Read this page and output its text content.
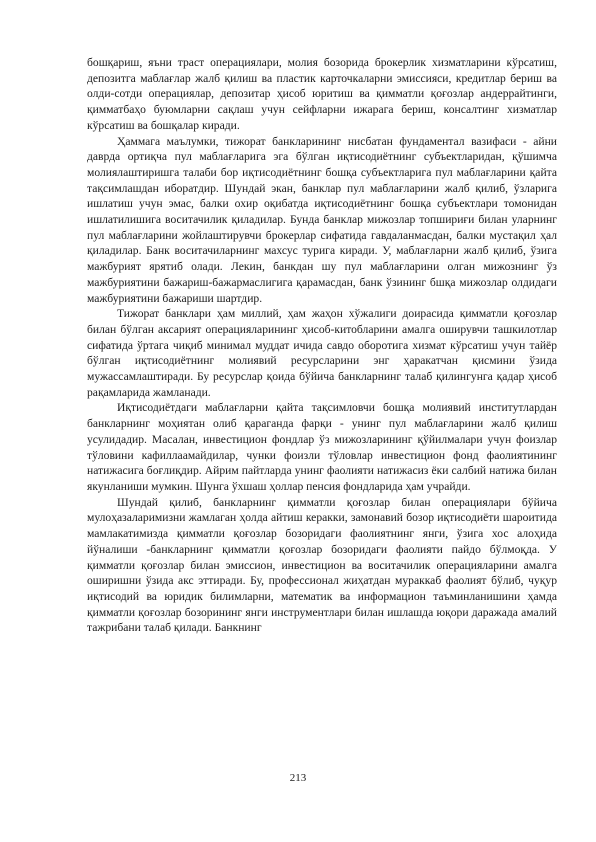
бошқариш, яъни траст операциялари, молия бозорида брокерлик хизматларини кўрсатиш, депозитга маблағлар жалб қилиш ва пластик карточкаларни эмиссияси, кредитлар бериш ва олди-сотди операциялар, депозитар ҳисоб юритиш ва қимматли қоғозлар андеррайтинги, қимматбаҳо буюмларни сақлаш учун сейфларни ижарага бериш, консалтинг хизматлар кўрсатиш ва бошқалар киради.

Ҳаммага маълумки, тижорат банкларининг нисбатан фундаментал вазифаси - айни даврда ортиқча пул маблағларига эга бўлган иқтисодиётнинг субъектларидан, қўшимча молиялаштиришга талаби бор иқтисодиётнинг бошқа субъектларига пул маблағларини қайта тақсимлашдан иборатдир. Шундай экан, банклар пул маблағларини жалб қилиб, ўзларига ишлатиш учун эмас, балки охир оқибатда иқтисодиётнинг бошқа субъектлари томонидан ишлатилишига воситачилик қиладилар. Бунда банклар мижозлар топшириғи билан уларнинг пул маблағларини жойлаштирувчи брокерлар сифатида гавдаланмасдан, балки мустақил ҳал қиладилар. Банк воситачиларнинг махсус турига киради. У, маблағларни жалб қилиб, ўзига мажбурият ярятиб олади. Лекин, банкдан шу пул маблағларини олган мижознинг ўз мажбуриятини бажариш-бажармаслигига қарамасдан, банк ўзининг бшқа мижозлар олдидаги мажбуриятини бажариши шартдир.

Тижорат банклари ҳам миллий, ҳам жаҳон хўжалиги доирасида қимматли қоғозлар билан бўлган аксарият операцияларининг ҳисоб-китобларини амалга оширувчи ташкилотлар сифатида ўртага чиқиб минимал муддат ичида савдо оборотига хизмат кўрсатиш учун тайёр бўлган иқтисодиётнинг молиявий ресурсларини энг ҳаракатчан қисмини ўзида мужассамлаштиради. Бу ресурслар қоида бўйича банкларнинг талаб қилингунга қадар ҳисоб рақамларида жамланади.

Иқтисодиётдаги маблағларни қайта тақсимловчи бошқа молиявий институтлардан банкларнинг моҳиятан олиб қараганда фарқи - унинг пул маблағларини жалб қилиш усулидадир. Масалан, инвестицион фондлар ўз мижозларининг қўйилмалари учун фоизлар тўловини кафиллаамайдилар, чунки фоизли тўловлар инвестицион фонд фаолиятининг натижасига боғлиқдир. Айрим пайтларда унинг фаолияти натижасиз ёки салбий натижа билан якунланиши мумкин. Шунга ўхшаш ҳоллар пенсия фондларида ҳам учрайди.

Шундай қилиб, банкларнинг қимматли қоғозлар билан операциялари бўйича мулоҳазаларимизни жамлаган ҳолда айтиш керакки, замонавий бозор иқтисодиёти шароитида мамлакатимизда қимматли қоғозлар бозоридаги фаолиятнинг янги, ўзига хос алоҳида йўналиши -банкларнинг қимматли қоғозлар бозоридаги фаолияти пайдо бўлмоқда. У қимматли қоғозлар билан эмиссион, инвестицион ва воситачилик операцияларини амалга оширишни ўзида акс эттиради. Бу, профессионал жиҳатдан мураккаб фаолият бўлиб, чуқур иқтисодий ва юридик билимларни, математик ва информацион таъминланишини ҳамда қимматли қоғозлар бозорининг янги инструментлари билан ишлашда юқори даражада амалий тажрибани талаб қилади. Банкнинг

213
